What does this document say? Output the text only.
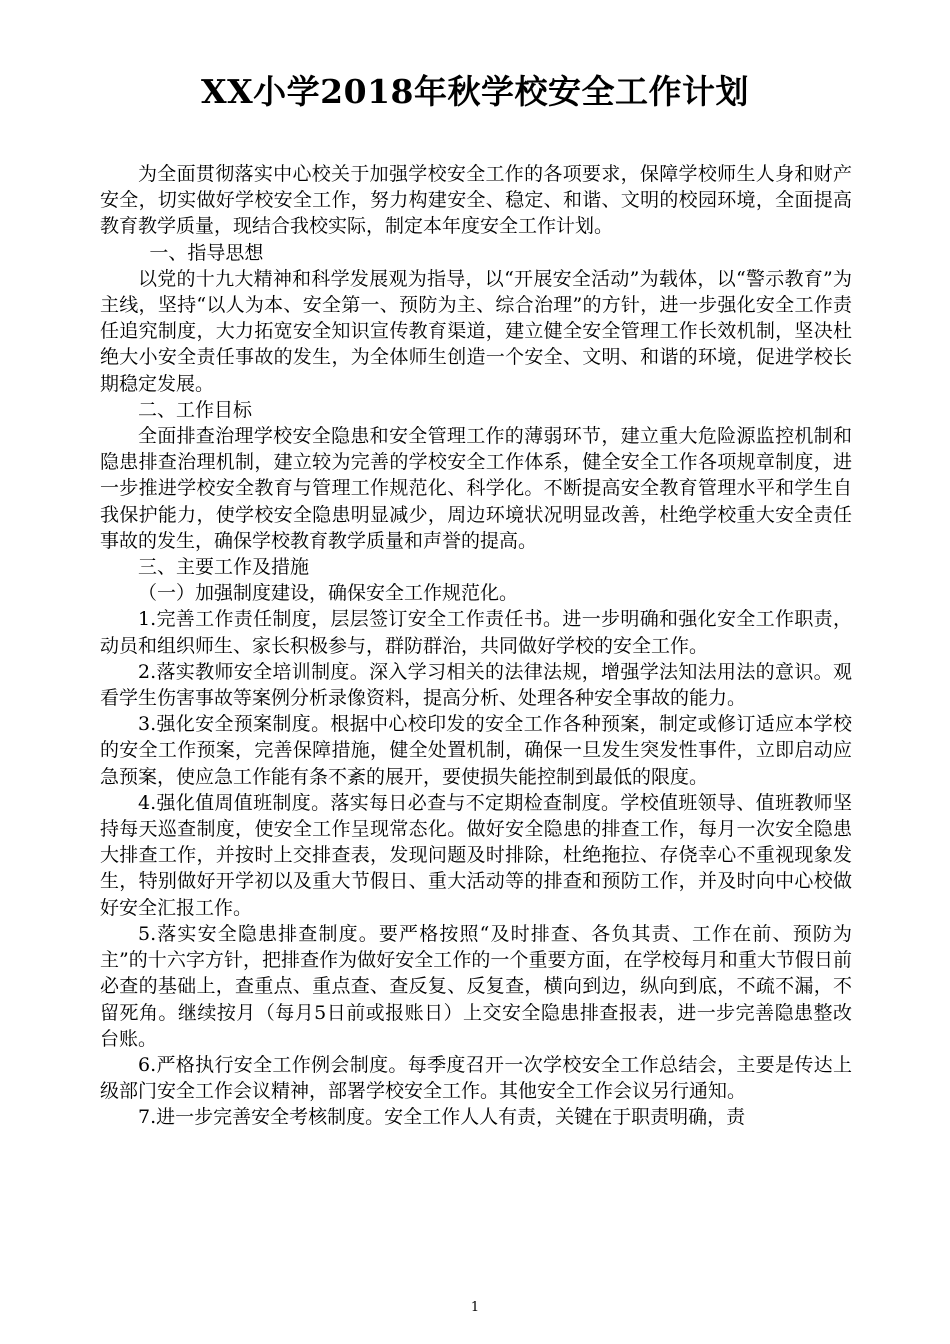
XX小学2018年秋学校安全工作计划

为全面贯彻落实中心校关于加强学校安全工作的各项要求，保障学校师生人身和财产安全，切实做好学校安全工作，努力构建安全、稳定、和谐、文明的校园环境，全面提高教育教学质量，现结合我校实际，制定本年度安全工作计划。

一、指导思想

以党的十九大精神和科学发展观为指导，以“开展安全活动”为载体，以“警示教育”为主线，坚持“以人为本、安全第一、预防为主、综合治理”的方针，进一步强化安全工作责任追究制度，大力拓宽安全知识宣传教育渠道，建立健全安全管理工作长效机制，坚决杜绝大小安全责任事故的发生，为全体师生创造一个安全、文明、和谐的环境，促进学校长期稳定发展。

二、工作目标

全面排查治理学校安全隐患和安全管理工作的薄弱环节，建立重大危险源监控机制和隐患排查治理机制，建立较为完善的学校安全工作体系，健全安全工作各项规章制度，进一步推进学校安全教育与管理工作规范化、科学化。不断提高安全教育管理水平和学生自我保护能力，使学校安全隐患明显减少，周边环境状况明显改善，杜绝学校重大安全责任事故的发生，确保学校教育教学质量和声誉的提高。

三、主要工作及措施

（一）加强制度建设，确保安全工作规范化。

1.完善工作责任制度，层层签订安全工作责任书。进一步明确和强化安全工作职责，动员和组织师生、家长积极参与，群防群治，共同做好学校的安全工作。

2.落实教师安全培训制度。深入学习相关的法律法规，增强学法知法用法的意识。观看学生伤害事故等案例分析录像资料，提高分析、处理各种安全事故的能力。

3.强化安全预案制度。根据中心校印发的安全工作各种预案，制定或修订适应本学校的安全工作预案，完善保障措施，健全处置机制，确保一旦发生突发性事件，立即启动应急预案，使应急工作能有条不紊的展开，要使损失能控制到最低的限度。

4.强化值周值班制度。落实每日必查与不定期检查制度。学校值班领导、值班教师坚持每天巡查制度，使安全工作呈现常态化。做好安全隐患的排查工作，每月一次安全隐患大排查工作，并按时上交排查表，发现问题及时排除，杜绝拖拉、存侥幸心不重视现象发生，特别做好开学初以及重大节假日、重大活动等的排查和预防工作，并及时向中心校做好安全汇报工作。

5.落实安全隐患排查制度。要严格按照“及时排查、各负其责、工作在前、预防为主”的十六字方针，把排查作为做好安全工作的一个重要方面，在学校每月和重大节假日前必查的基础上，查重点、重点查、查反复、反复查，横向到边，纵向到底，不疏不漏，不留死角。继续按月（每月5日前或报账日）上交安全隐患排查报表，进一步完善隐患整改台账。

6.严格执行安全工作例会制度。每季度召开一次学校安全工作总结会，主要是传达上级部门安全工作会议精神，部署学校安全工作。其他安全工作会议另行通知。

7.进一步完善安全考核制度。安全工作人人有责，关键在于职责明确，责

1
